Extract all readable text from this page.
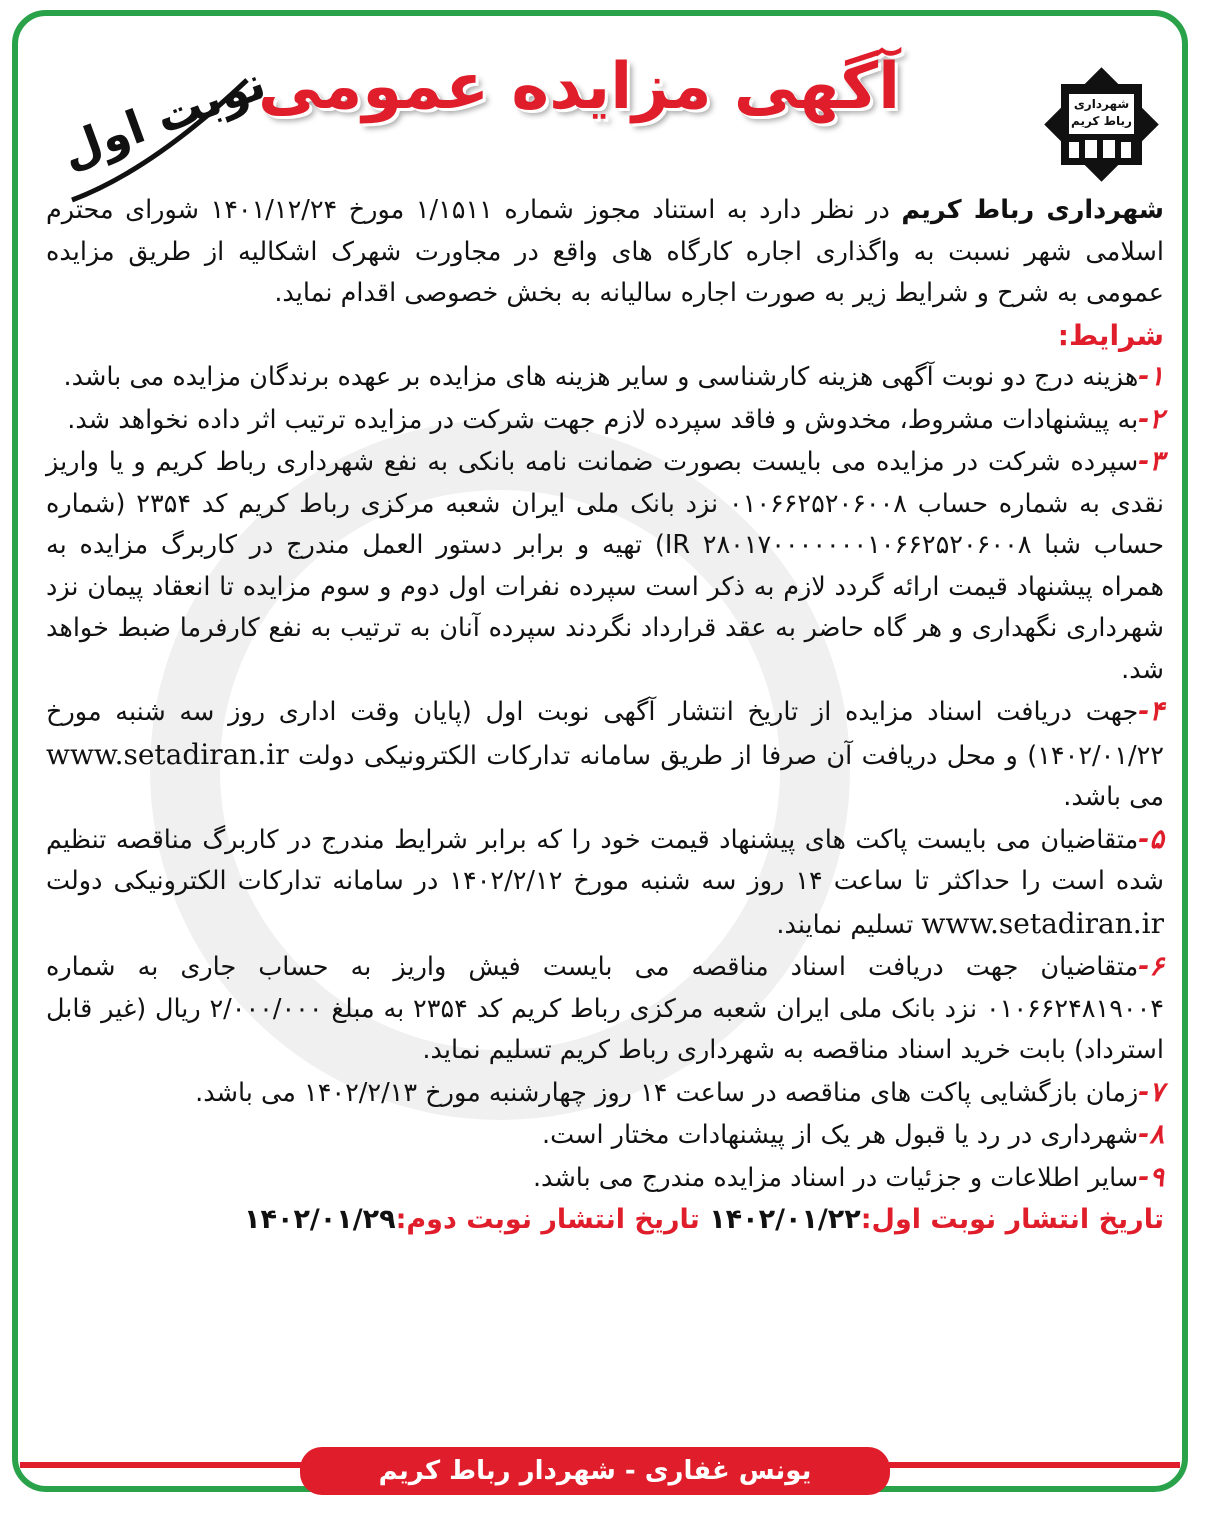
نوبت اول
آگهی مزایده عمومی	شهرداری
رباط کریم

شهرداری رباط کریم در نظر دارد به استناد مجوز شماره ۱/۱۵۱۱ مورخ ۱۴۰۱/۱۲/۲۴ شورای محترم اسلامی شهر نسبت به واگذاری اجاره کارگاه های واقع در مجاورت شهرک اشکالیه از طریق مزایده عمومی به شرح و شرایط زیر به صورت اجاره سالیانه به بخش خصوصی اقدام نماید.

شرایط:

۱-هزینه درج دو نوبت آگهی هزینه کارشناسی و سایر هزینه های مزایده بر عهده برندگان مزایده می باشد.

۲-به پیشنهادات مشروط، مخدوش و فاقد سپرده لازم جهت شرکت در مزایده ترتیب اثر داده نخواهد شد.

۳-سپرده شرکت در مزایده می بایست بصورت ضمانت نامه بانکی به نفع شهرداری رباط کریم و یا واریز نقدی به شماره حساب ۰۱۰۶۶۲۵۲۰۶۰۰۸ نزد بانک ملی ایران شعبه مرکزی رباط کریم کد ۲۳۵۴ (شماره حساب شبا IR ۲۸۰۱۷۰۰۰۰۰۰۰۱۰۶۶۲۵۲۰۶۰۰۸) تهیه و برابر دستور العمل مندرج در کاربرگ مزایده به همراه پیشنهاد قیمت ارائه گردد لازم به ذکر است سپرده نفرات اول دوم و سوم مزایده تا انعقاد پیمان نزد شهرداری نگهداری و هر گاه حاضر به عقد قرارداد نگردند سپرده آنان به ترتیب به نفع کارفرما ضبط خواهد شد.

۴-جهت دریافت اسناد مزایده از تاریخ انتشار آگهی نوبت اول (پایان وقت اداری روز سه شنبه مورخ ۱۴۰۲/۰۱/۲۲) و محل دریافت آن صرفا از طریق سامانه تدارکات الکترونیکی دولت www.setadiran.ir می باشد.

۵-متقاضیان می بایست پاکت های پیشنهاد قیمت خود را که برابر شرایط مندرج در کاربرگ مناقصه تنظیم شده است را حداکثر تا ساعت ۱۴ روز سه شنبه مورخ ۱۴۰۲/۲/۱۲ در سامانه تدارکات الکترونیکی دولت www.setadiran.ir تسلیم نمایند.

۶-متقاضیان جهت دریافت اسناد مناقصه می بایست فیش واریز به حساب جاری به شماره ۰۱۰۶۶۲۴۸۱۹۰۰۴ نزد بانک ملی ایران شعبه مرکزی رباط کریم کد ۲۳۵۴ به مبلغ ۲/۰۰۰/۰۰۰ ریال (غیر قابل استرداد) بابت خرید اسناد مناقصه به شهرداری رباط کریم تسلیم نماید.

۷-زمان بازگشایی پاکت های مناقصه در ساعت ۱۴ روز چهارشنبه مورخ ۱۴۰۲/۲/۱۳ می باشد.

۸-شهرداری در رد یا قبول هر یک از پیشنهادات مختار است.

۹-سایر اطلاعات و جزئیات در اسناد مزایده مندرج می باشد.

تاریخ انتشار نوبت اول:۱۴۰۲/۰۱/۲۲ تاریخ انتشار نوبت دوم:۱۴۰۲/۰۱/۲۹

یونس غفاری - شهردار رباط کریم
